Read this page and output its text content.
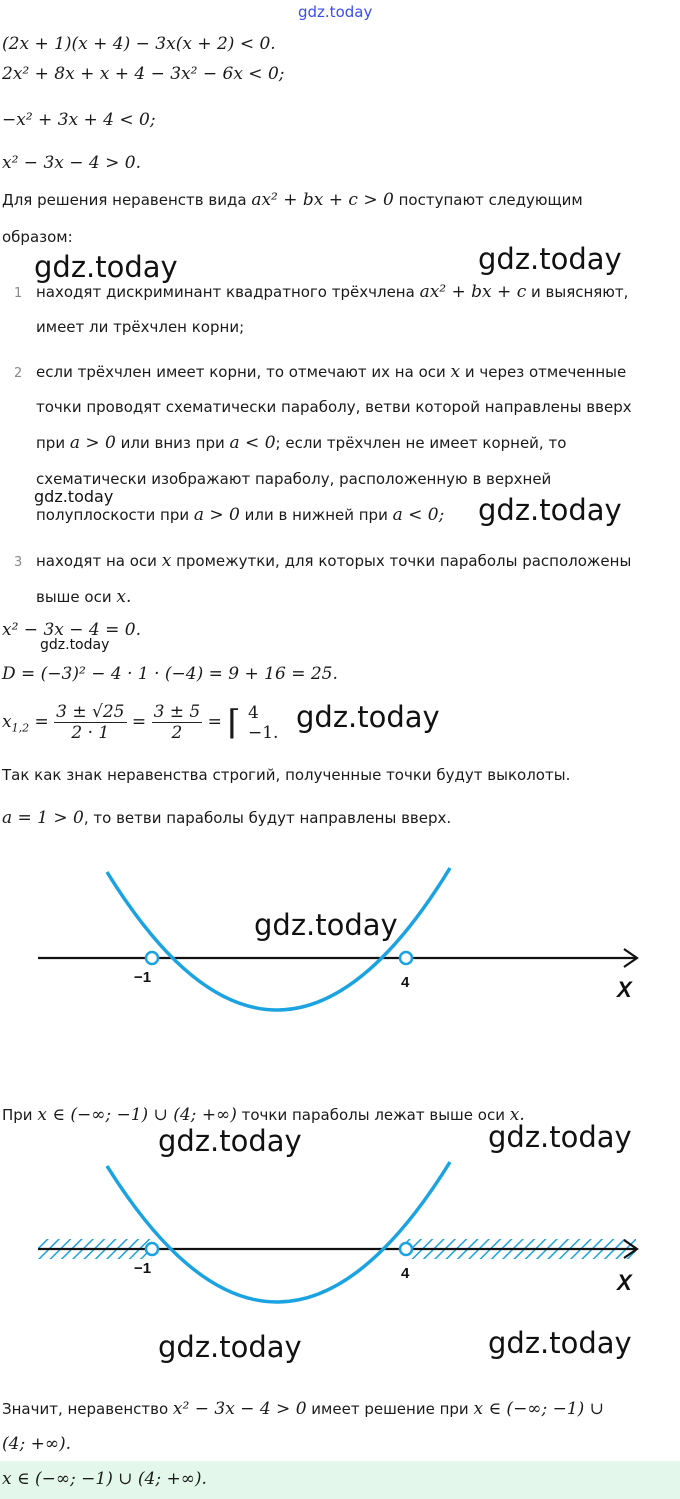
gdz.today
(2x + 1)(x + 4) − 3x(x + 2) < 0.
2x² + 8x + x + 4 − 3x² − 6x < 0;
−x² + 3x + 4 < 0;
x² − 3x − 4 > 0.
Для решения неравенств вида ax² + bx + c > 0 поступают следующим
образом:
gdz.today	gdz.today
1 находят дискриминант квадратного трёхчлена ax² + bx + c и выясняют,
имеет ли трёхчлен корни;
2 если трёхчлен имеет корни, то отмечают их на оси x и через отмеченные
точки проводят схематически параболу, ветви которой направлены вверх
при a > 0 или вниз при a < 0; если трёхчлен не имеет корней, то
схематически изображают параболу, расположенную в верхней
gdz.today
полуплоскости при a > 0 или в нижней при a < 0; gdz.today
3 находят на оси x промежутки, для которых точки параболы расположены
выше оси x.
x² − 3x − 4 = 0.
gdz.today
D = (−3)² − 4 · 1 · (−4) = 9 + 16 = 25.
$x_{1,2} = \frac{3 \pm √25}{2 \cdot 1} = \frac{3 \pm 5}{2}$ = ⌈ 4
−1. gdz.today
Так как знак неравенства строгий, полученные точки будут выколоты.
a = 1 > 0, то ветви параболы будут направлены вверх.
−1	4	X
gdz.today
При x ∈ (−∞; −1) ∪ (4; +∞) точки параболы лежат выше оси x.
gdz.today	gdz.today
−1	4	X
gdz.today	gdz.today
Значит, неравенство x² − 3x − 4 > 0 имеет решение при x ∈ (−∞; −1) ∪
(4; +∞).
x ∈ (−∞; −1) ∪ (4; +∞).
